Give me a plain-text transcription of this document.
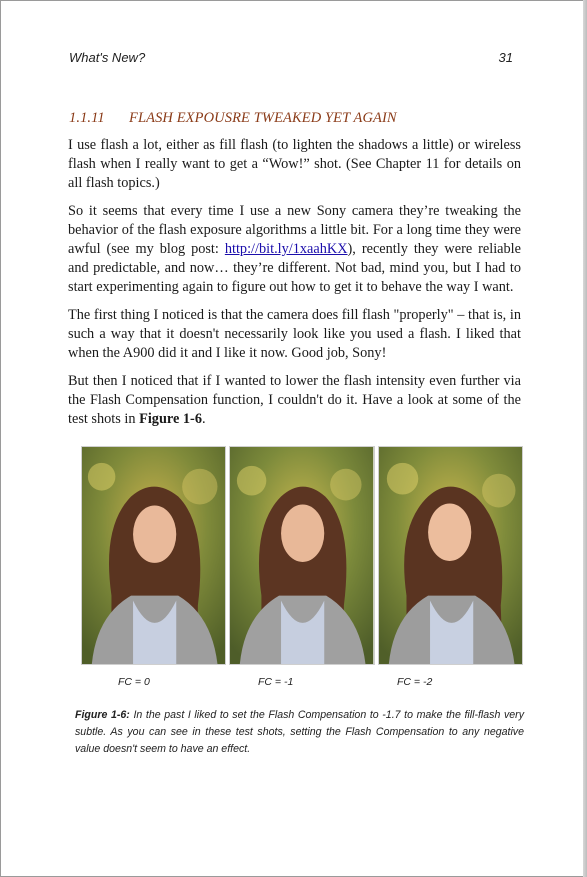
What's New?	31
1.1.11 FLASH EXPOUSRE TWEAKED YET AGAIN

I use flash a lot, either as fill flash (to lighten the shadows a little) or wireless flash when I really want to get a “Wow!” shot. (See Chapter 11 for details on all flash topics.)

So it seems that every time I use a new Sony camera they’re tweaking the behavior of the flash exposure algorithms a little bit. For a long time they were awful (see my blog post: http://bit.ly/1xaahKX), recently they were reliable and predictable, and now… they’re different. Not bad, mind you, but I had to start experimenting again to figure out how to get it to behave the way I want.

The first thing I noticed is that the camera does fill flash "properly" – that is, in such a way that it doesn't necessarily look like you used a flash. I liked that when the A900 did it and I like it now. Good job, Sony!

But then I noticed that if I wanted to lower the flash intensity even further via the Flash Compensation function, I couldn't do it. Have a look at some of the test shots in Figure 1-6.

FC = 0	FC = -1	FC = -2
Figure 1-6: In the past I liked to set the Flash Compensation to -1.7 to make the fill-flash very subtle. As you can see in these test shots, setting the Flash Compensation to any negative value doesn't seem to have an effect.
